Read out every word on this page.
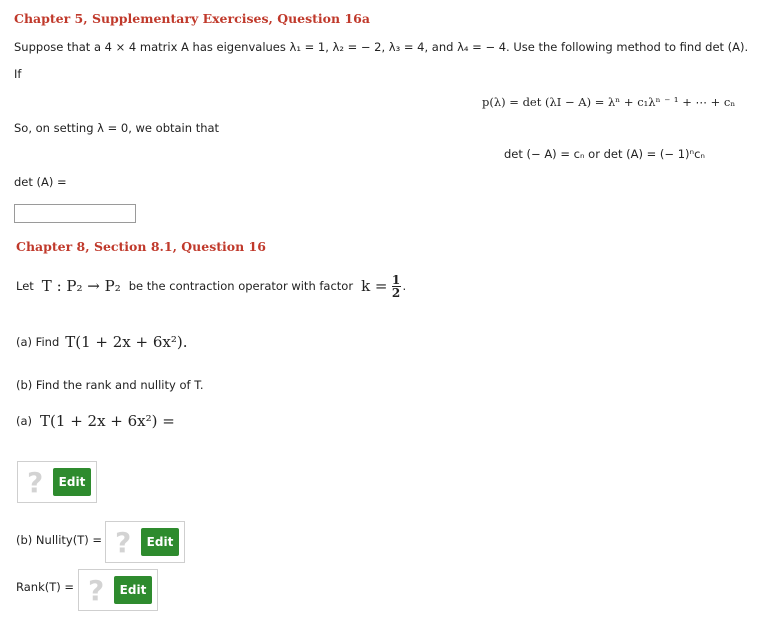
Chapter 5, Supplementary Exercises, Question 16a
Suppose that a 4 × 4 matrix A has eigenvalues λ₁ = 1, λ₂ = − 2, λ₃ = 4, and λ₄ = − 4. Use the following method to find det (A).
If
p(λ) = det (λI − A) = λⁿ + c₁λⁿ ⁻ ¹ + ⋯ + cₙ
So, on setting λ = 0, we obtain that
det (− A) = cₙ or det (A) = (− 1)ⁿcₙ
det (A) =
Chapter 8, Section 8.1, Question 16
Let T : P₂ → P₂ be the contraction operator with factor k = 1
2 .
(a) Find T(1 + 2x + 6x²).
(b) Find the rank and nullity of T.
(a) T(1 + 2x + 6x²) =
?	Edit
(b) Nullity(T) = ?	Edit
Rank(T) = ?	Edit
